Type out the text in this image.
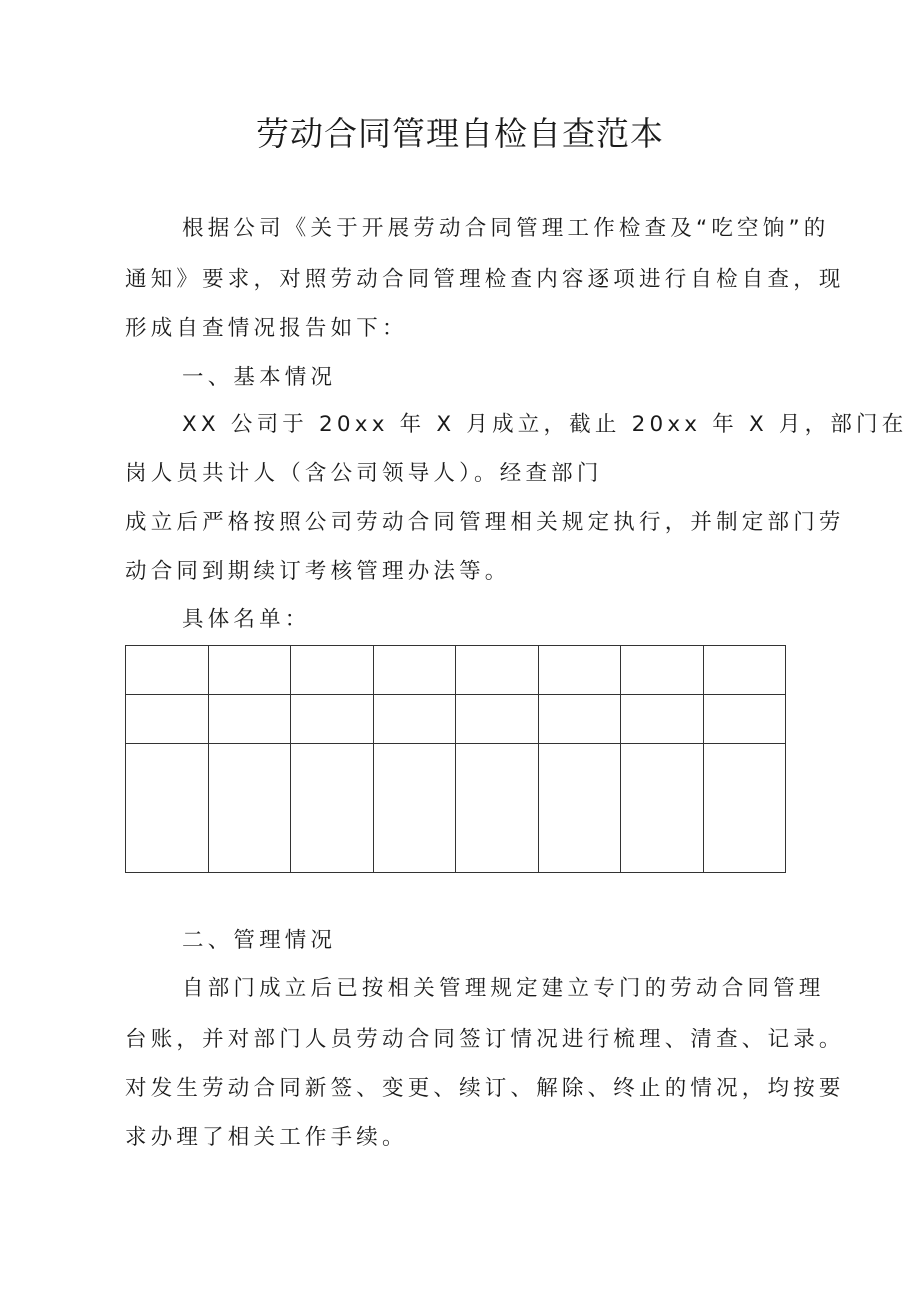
劳动合同管理自检自查范本

根据公司《关于开展劳动合同管理工作检查及“吃空饷”的

通知》要求，对照劳动合同管理检查内容逐项进行自检自查，现

形成自查情况报告如下：

一、基本情况

XX 公司于 20xx 年 X 月成立，截止 20xx 年 X 月，部门在

岗人员共计人（含公司领导人）。经查部门

成立后严格按照公司劳动合同管理相关规定执行，并制定部门劳

动合同到期续订考核管理办法等。

具体名单：

二、管理情况

自部门成立后已按相关管理规定建立专门的劳动合同管理

台账，并对部门人员劳动合同签订情况进行梳理、清查、记录。

对发生劳动合同新签、变更、续订、解除、终止的情况，均按要

求办理了相关工作手续。
